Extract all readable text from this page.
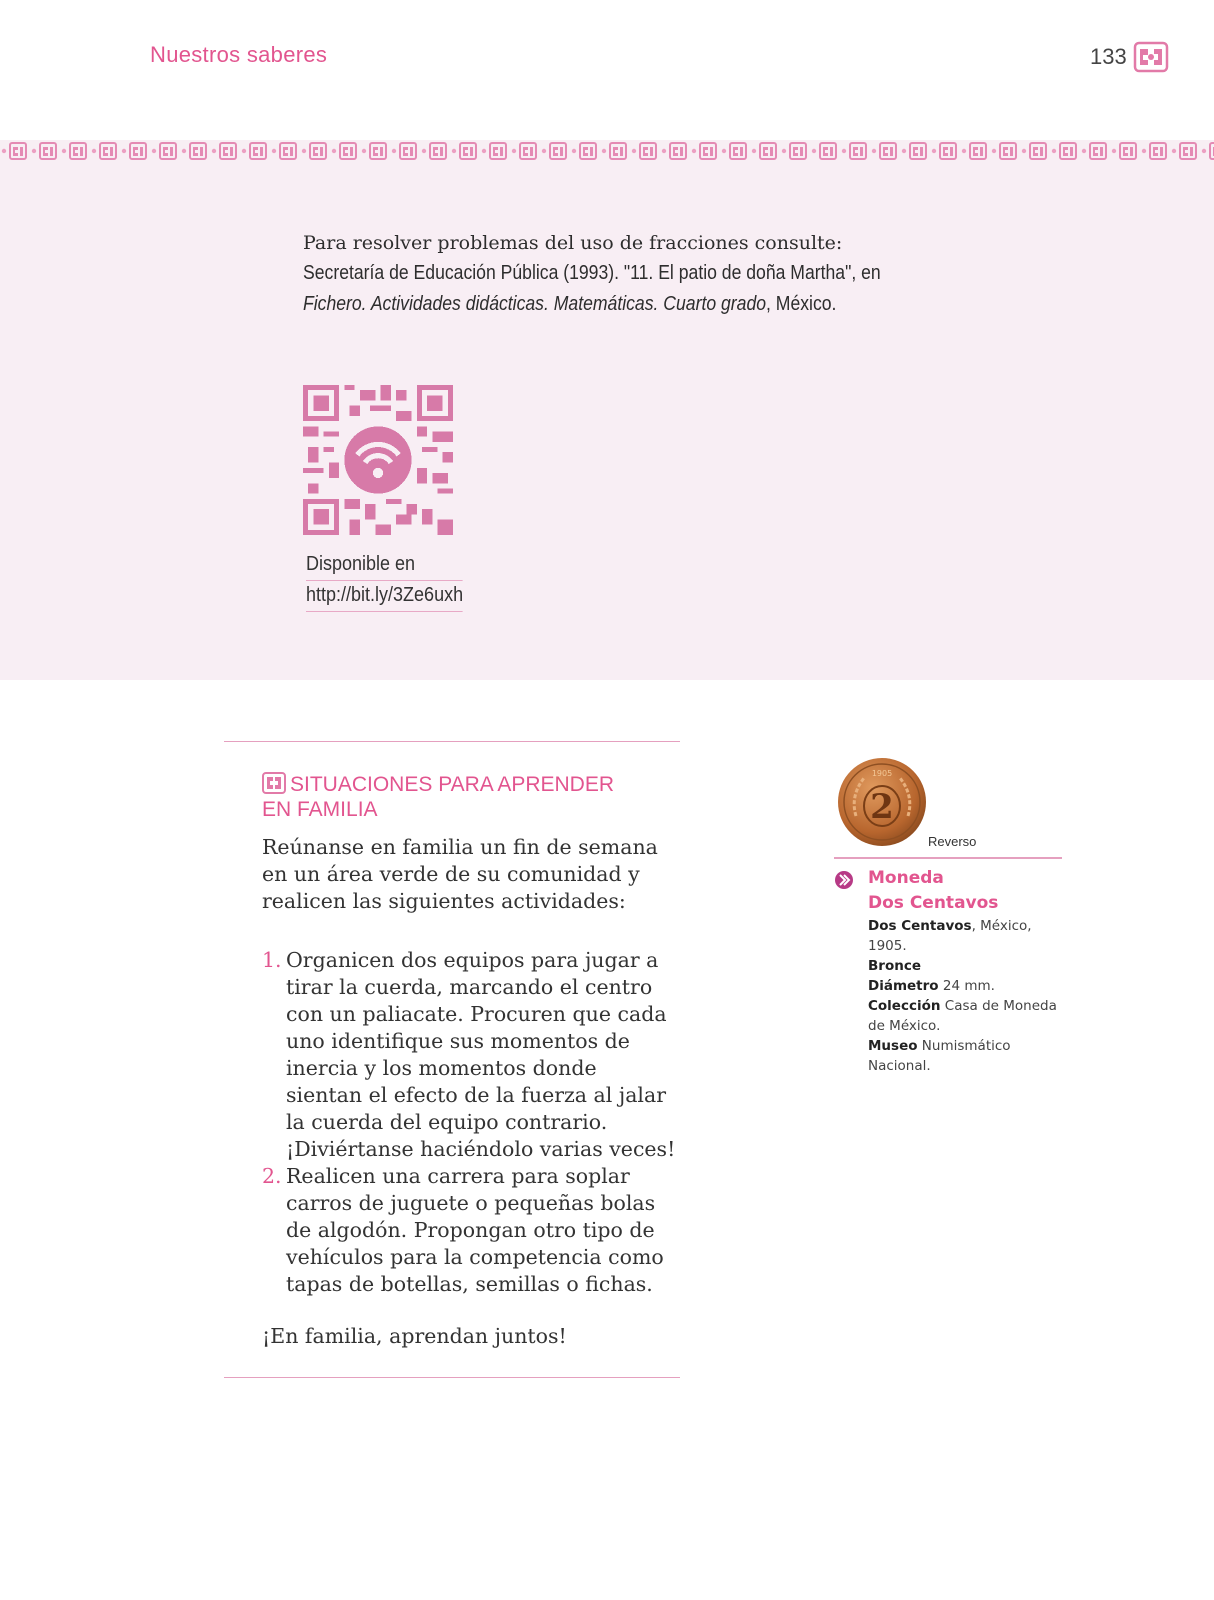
Nuestros saberes	133
Para resolver problemas del uso de fracciones consulte:
Secretaría de Educación Pública (1993). "11. El patio de doña Martha", en
Fichero. Actividades didácticas. Matemáticas. Cuarto grado, México.
Disponible en
http://bit.ly/3Ze6uxh
SITUACIONES PARA APRENDER
EN FAMILIA
Reúnanse en familia un fin de semana en un área verde de su comunidad y realicen las siguientes actividades:
1. Organicen dos equipos para jugar a tirar la cuerda, marcando el centro con un paliacate. Procuren que cada uno identifique sus momentos de inercia y los momentos donde sientan el efecto de la fuerza al jalar la cuerda del equipo contrario. ¡Diviértanse haciéndolo varias veces!
2. Realicen una carrera para soplar carros de juguete o pequeñas bolas de algodón. Propongan otro tipo de vehículos para la competencia como tapas de botellas, semillas o fichas.
¡En familia, aprendan juntos!
2
1905
Reverso
Moneda
Dos Centavos
Dos Centavos, México, 1905.
Bronce
Diámetro 24 mm.
Colección Casa de Moneda de México.
Museo Numismático Nacional.
